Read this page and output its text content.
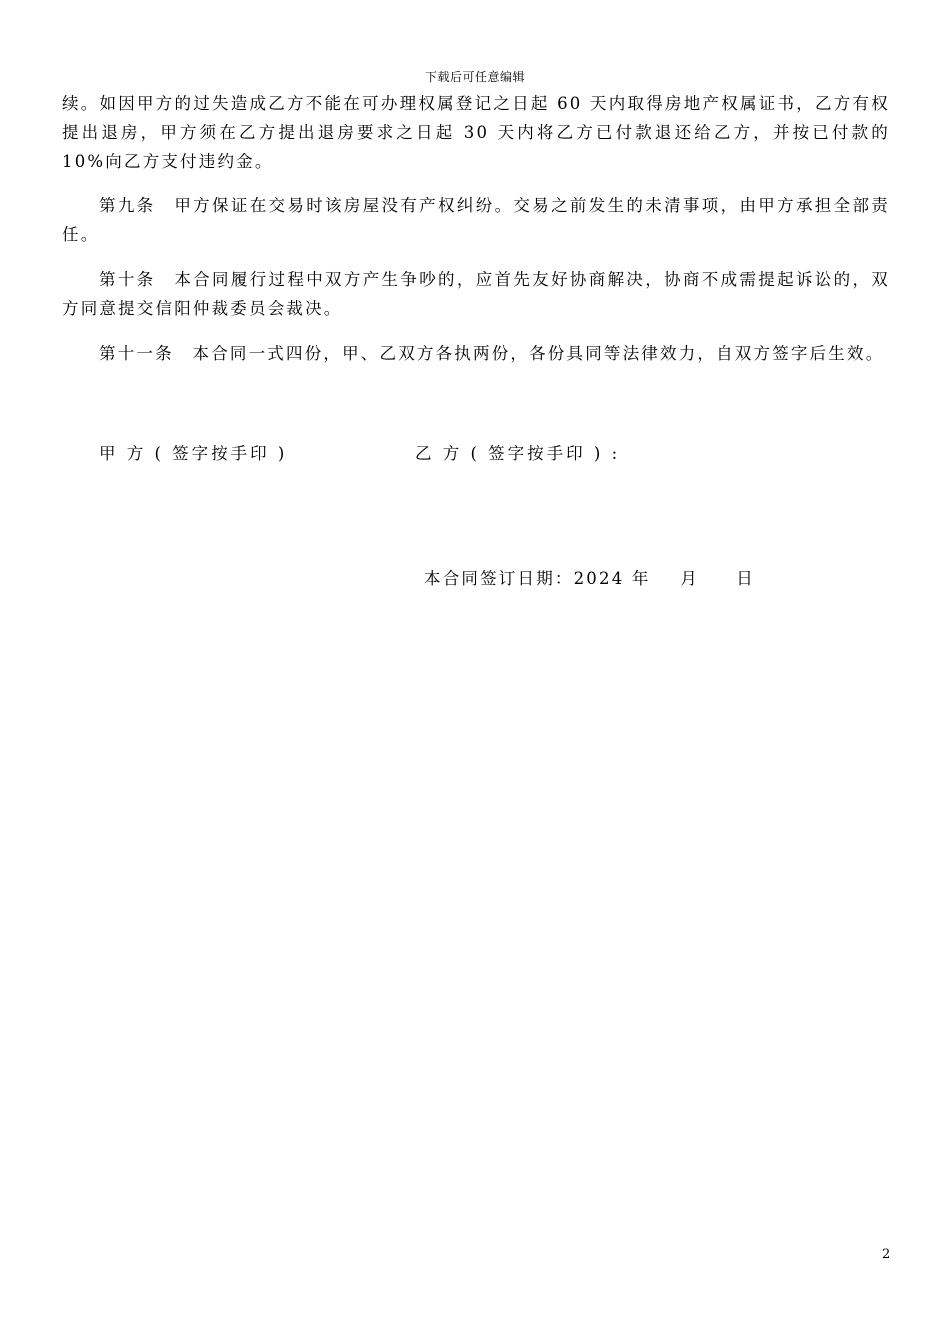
下载后可任意编辑
续。如因甲方的过失造成乙方不能在可办理权属登记之日起 60 天内取得房地产权属证书，乙方有权提出退房，甲方须在乙方提出退房要求之日起 30 天内将乙方已付款退还给乙方，并按已付款的 10%向乙方支付违约金。
第九条　甲方保证在交易时该房屋没有产权纠纷。交易之前发生的未清事项，由甲方承担全部责任。
第十条　本合同履行过程中双方产生争吵的，应首先友好协商解决，协商不成需提起诉讼的，双方同意提交信阳仲裁委员会裁决。
第十一条　本合同一式四份，甲、乙双方各执两份，各份具同等法律效力，自双方签字后生效。
甲 方 ( 签字按手印 )	乙 方 ( 签字按手印 ) :
本合同签订日期：2024 年    月     日
2
